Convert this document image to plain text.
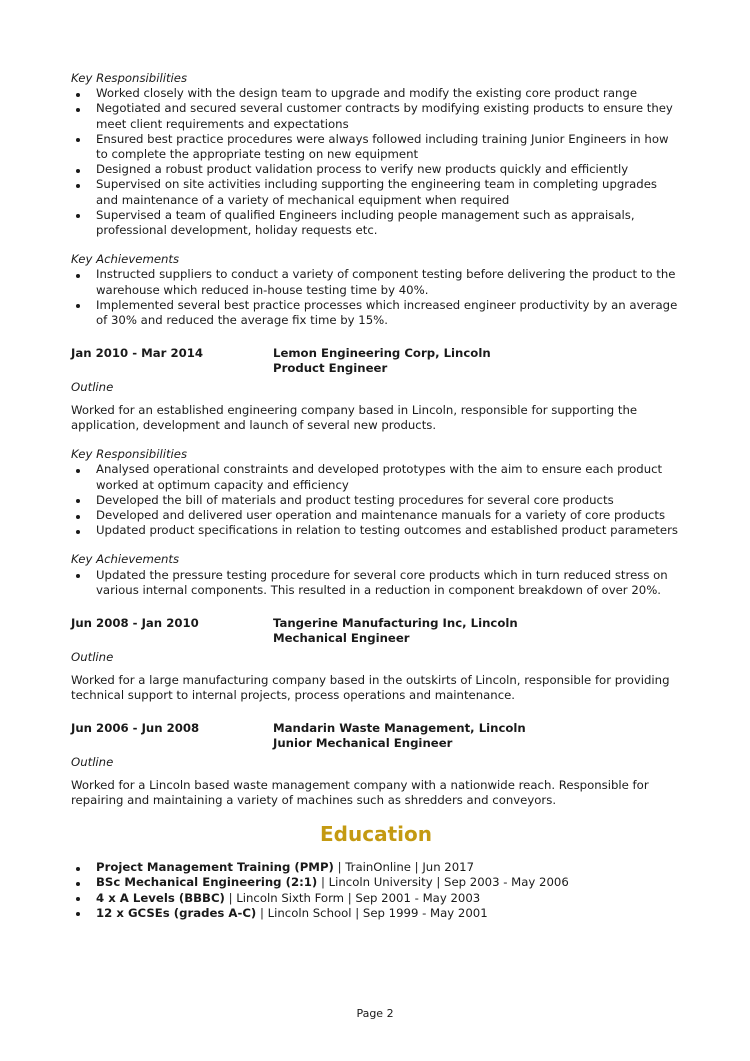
Key Responsibilities

Worked closely with the design team to upgrade and modify the existing core product range
Negotiated and secured several customer contracts by modifying existing products to ensure they meet client requirements and expectations
Ensured best practice procedures were always followed including training Junior Engineers in how to complete the appropriate testing on new equipment
Designed a robust product validation process to verify new products quickly and efficiently
Supervised on site activities including supporting the engineering team in completing upgrades and maintenance of a variety of mechanical equipment when required
Supervised a team of qualified Engineers including people management such as appraisals, professional development, holiday requests etc.

Key Achievements

Instructed suppliers to conduct a variety of component testing before delivering the product to the warehouse which reduced in-house testing time by 40%.
Implemented several best practice processes which increased engineer productivity by an average of 30% and reduced the average fix time by 15%.
Jan 2010 - Mar 2014	Lemon Engineering Corp, Lincoln
Product Engineer

Outline

Worked for an established engineering company based in Lincoln, responsible for supporting the application, development and launch of several new products.

Key Responsibilities

Analysed operational constraints and developed prototypes with the aim to ensure each product worked at optimum capacity and efficiency
Developed the bill of materials and product testing procedures for several core products
Developed and delivered user operation and maintenance manuals for a variety of core products
Updated product specifications in relation to testing outcomes and established product parameters

Key Achievements

Updated the pressure testing procedure for several core products which in turn reduced stress on various internal components. This resulted in a reduction in component breakdown of over 20%.
Jun 2008 - Jan 2010	Tangerine Manufacturing Inc, Lincoln
Mechanical Engineer

Outline

Worked for a large manufacturing company based in the outskirts of Lincoln, responsible for providing technical support to internal projects, process operations and maintenance.

Jun 2006 - Jun 2008	Mandarin Waste Management, Lincoln
Junior Mechanical Engineer

Outline

Worked for a Lincoln based waste management company with a nationwide reach. Responsible for repairing and maintaining a variety of machines such as shredders and conveyors.

Education
Project Management Training (PMP) | TrainOnline | Jun 2017
BSc Mechanical Engineering (2:1) | Lincoln University | Sep 2003 - May 2006
4 x A Levels (BBBC) | Lincoln Sixth Form | Sep 2001 - May 2003
12 x GCSEs (grades A-C) | Lincoln School | Sep 1999 - May 2001
Page 2
